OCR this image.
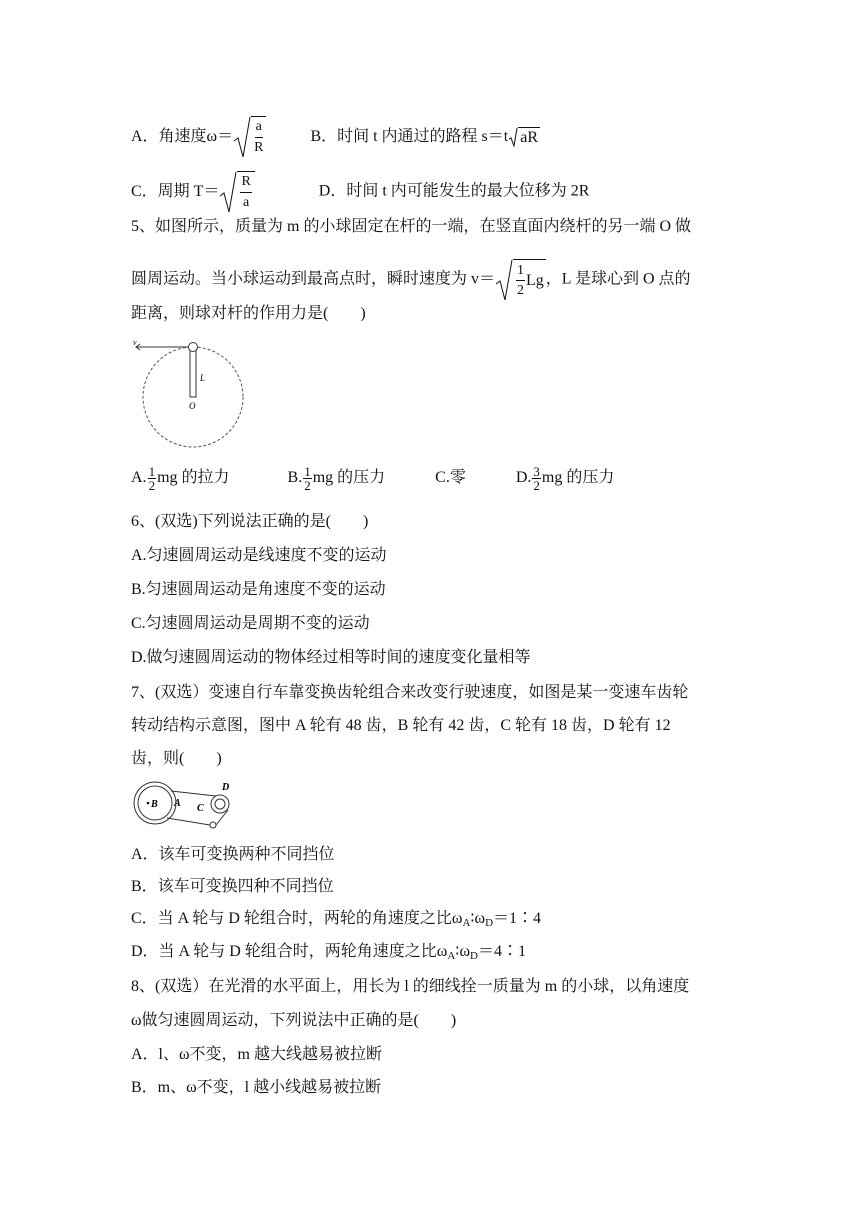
A．角速度$\omega= \frac{a}{R}$	B．时间 t 内通过的路程 s＝t aR
C．周期 $T= \frac{R}{a}$	D．时间 t 内可能发生的最大位移为 2R
5、如图所示，质量为 m 的小球固定在杆的一端，在竖直面内绕杆的另一端 O 做
圆周运动。当小球运动到最高点时，瞬时速度为 $v= \frac{1}{2}$ Lg ，L 是球心到 O 点的
距离，则球对杆的作用力是(　　)
v
L
O
A. $\frac{1}{2}$ mg 的拉力	B. $\frac{1}{2}$ mg 的压力	C.零	D. $\frac{3}{2}$ mg 的压力
6、(双选)下列说法正确的是(　　)
A.匀速圆周运动是线速度不变的运动
B.匀速圆周运动是角速度不变的运动
C.匀速圆周运动是周期不变的运动
D.做匀速圆周运动的物体经过相等时间的速度变化量相等
7、(双选）变速自行车靠变换齿轮组合来改变行驶速度，如图是某一变速车齿轮
转动结构示意图，图中 A 轮有 48 齿，B 轮有 42 齿，C 轮有 18 齿，D 轮有 12
齿，则(　　)
B A C
D
A．该车可变换两种不同挡位
B．该车可变换四种不同挡位
C．当 A 轮与 D 轮组合时，两轮的角速度之比$\omega_A∶\omega_D=1∶4$
D．当 A 轮与 D 轮组合时，两轮角速度之比$\omega_A∶\omega_D=4∶1$
8、(双选）在光滑的水平面上，用长为 l 的细线拴一质量为 m 的小球，以角速度
ω做匀速圆周运动，下列说法中正确的是(　　)
A．l、ω不变，m 越大线越易被拉断
B．m、ω不变，l 越小线越易被拉断
